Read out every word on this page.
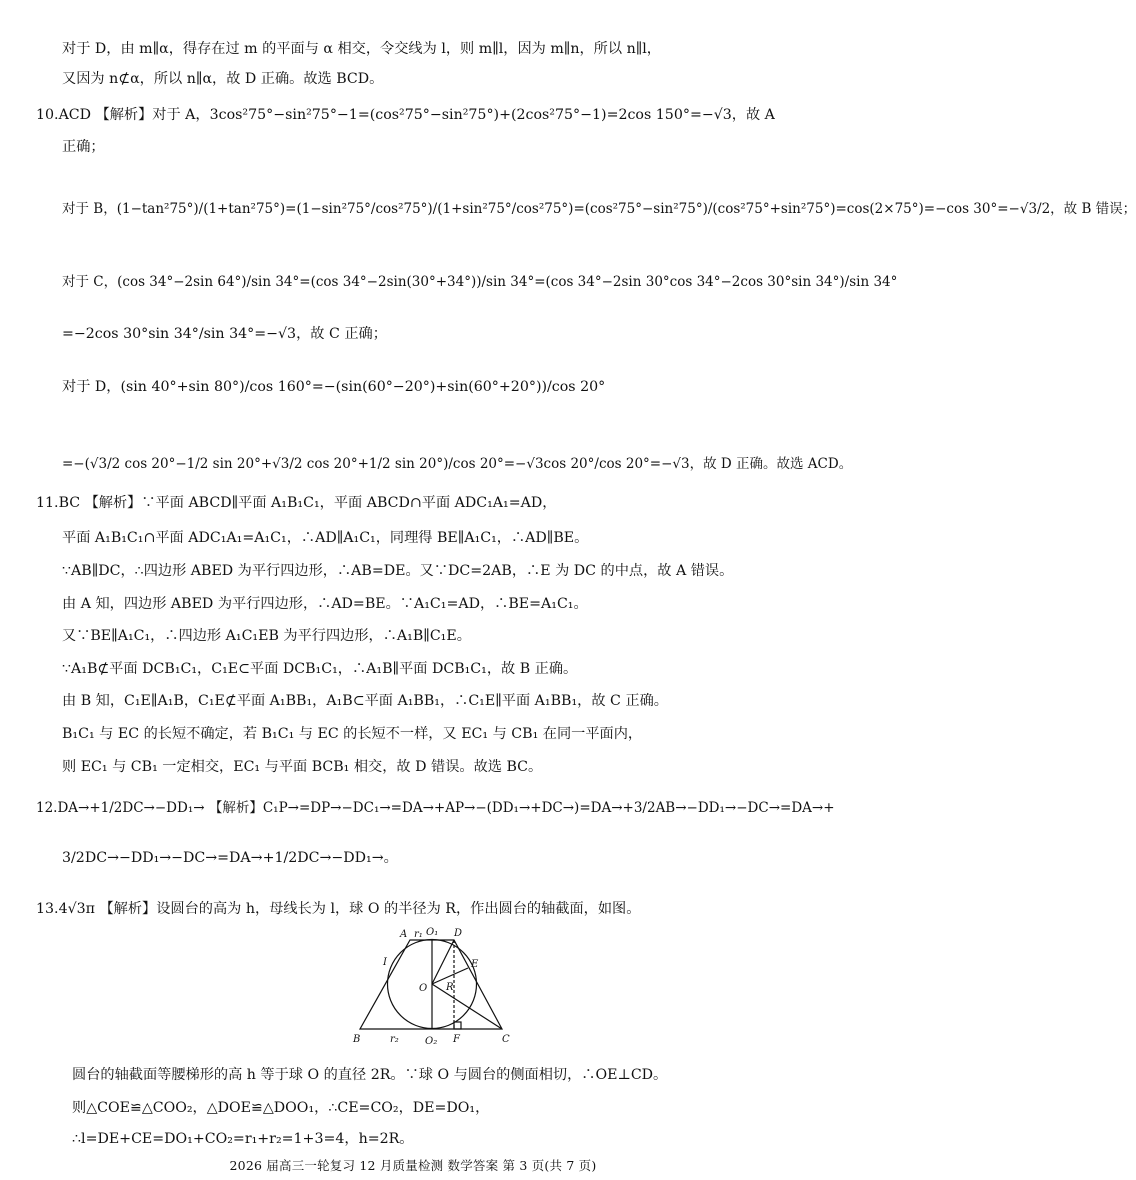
对于 D，由 m∥α，得存在过 m 的平面与 α 相交，令交线为 l，则 m∥l，因为 m∥n，所以 n∥l，
又因为 n⊄α，所以 n∥α，故 D 正确。故选 BCD。
10.ACD 【解析】对于 A，3cos²75°−sin²75°−1=(cos²75°−sin²75°)+(2cos²75°−1)=2cos 150°=−√3，故 A
正确；
对于 B，(1−tan²75°)/(1+tan²75°)=(1−sin²75°/cos²75°)/(1+sin²75°/cos²75°)=(cos²75°−sin²75°)/(cos²75°+sin²75°)=cos(2×75°)=−cos 30°=−√3/2，故 B 错误；
对于 C，(cos 34°−2sin 64°)/sin 34°=(cos 34°−2sin(30°+34°))/sin 34°=(cos 34°−2sin 30°cos 34°−2cos 30°sin 34°)/sin 34°
=−2cos 30°sin 34°/sin 34°=−√3，故 C 正确；
对于 D，(sin 40°+sin 80°)/cos 160°=−(sin(60°−20°)+sin(60°+20°))/cos 20°
=−(√3/2 cos 20°−1/2 sin 20°+√3/2 cos 20°+1/2 sin 20°)/cos 20°=−√3cos 20°/cos 20°=−√3，故 D 正确。故选 ACD。
11.BC 【解析】∵平面 ABCD∥平面 A₁B₁C₁，平面 ABCD∩平面 ADC₁A₁=AD，
平面 A₁B₁C₁∩平面 ADC₁A₁=A₁C₁，∴AD∥A₁C₁，同理得 BE∥A₁C₁，∴AD∥BE。
∵AB∥DC，∴四边形 ABED 为平行四边形，∴AB=DE。又∵DC=2AB，∴E 为 DC 的中点，故 A 错误。
由 A 知，四边形 ABED 为平行四边形，∴AD=BE。∵A₁C₁=AD，∴BE=A₁C₁。
又∵BE∥A₁C₁，∴四边形 A₁C₁EB 为平行四边形，∴A₁B∥C₁E。
∵A₁B⊄平面 DCB₁C₁，C₁E⊂平面 DCB₁C₁，∴A₁B∥平面 DCB₁C₁，故 B 正确。
由 B 知，C₁E∥A₁B，C₁E⊄平面 A₁BB₁，A₁B⊂平面 A₁BB₁，∴C₁E∥平面 A₁BB₁，故 C 正确。
B₁C₁ 与 EC 的长短不确定，若 B₁C₁ 与 EC 的长短不一样，又 EC₁ 与 CB₁ 在同一平面内，
则 EC₁ 与 CB₁ 一定相交，EC₁ 与平面 BCB₁ 相交，故 D 错误。故选 BC。
12.DA→+1/2DC→−DD₁→ 【解析】C₁P→=DP→−DC₁→=DA→+AP→−(DD₁→+DC→)=DA→+3/2AB→−DD₁→−DC→=DA→+
3/2DC→−DD₁→−DC→=DA→+1/2DC→−DD₁→。
13.4√3π 【解析】设圆台的高为 h，母线长为 l，球 O 的半径为 R，作出圆台的轴截面，如图。
A r₁ O₁ D
I	E
O R
B	r₂	O₂ F	C
圆台的轴截面等腰梯形的高 h 等于球 O 的直径 2R。∵球 O 与圆台的侧面相切，∴OE⊥CD。
则△COE≌△COO₂，△DOE≌△DOO₁，∴CE=CO₂，DE=DO₁，
∴l=DE+CE=DO₁+CO₂=r₁+r₂=1+3=4，h=2R。
2026 届高三一轮复习 12 月质量检测 数学答案 第 3 页(共 7 页)
